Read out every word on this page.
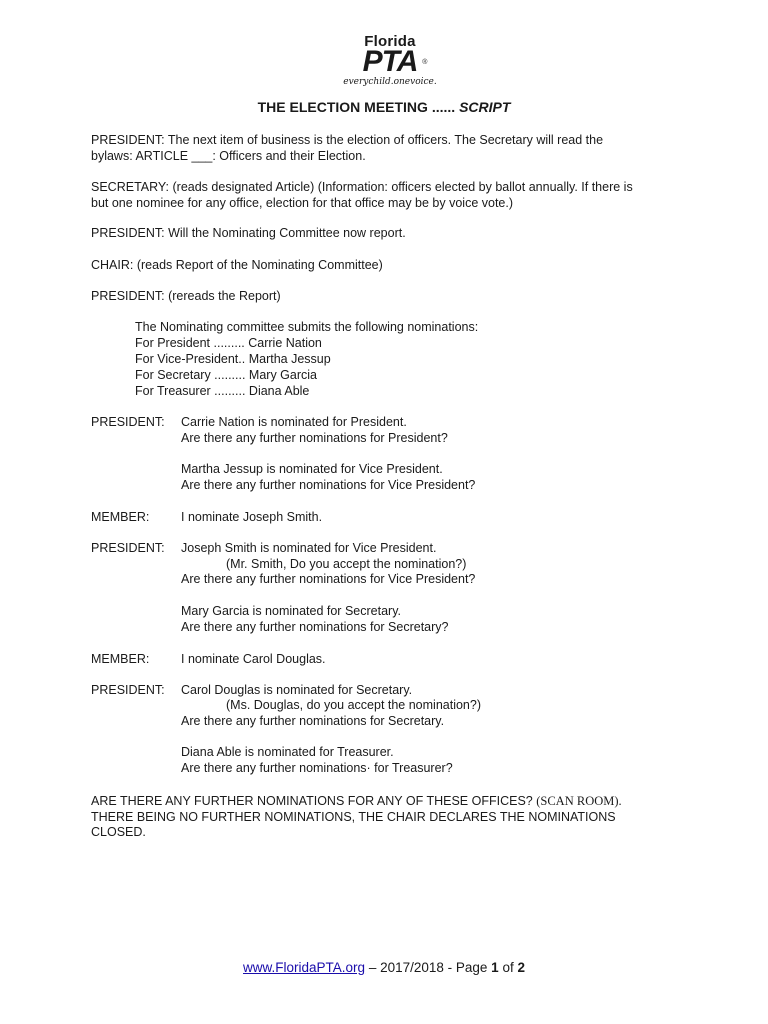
Florida
PTA ®
everychild.onevoice.
THE ELECTION MEETING ...... SCRIPT
PRESIDENT: The next item of business is the election of officers. The Secretary will read the
bylaws: ARTICLE ___: Officers and their Election.
SECRETARY: (reads designated Article) (Information: officers elected by ballot annually. If there is
but one nominee for any office, election for that office may be by voice vote.)
PRESIDENT: Will the Nominating Committee now report.
CHAIR: (reads Report of the Nominating Committee)
PRESIDENT: (rereads the Report)
The Nominating committee submits the following nominations:
For President ......... Carrie Nation
For Vice-President.. Martha Jessup
For Secretary ......... Mary Garcia
For Treasurer ......... Diana Able
PRESIDENT: Carrie Nation is nominated for President.
Are there any further nominations for President?
Martha Jessup is nominated for Vice President.
Are there any further nominations for Vice President?
MEMBER:	I nominate Joseph Smith.
PRESIDENT: Joseph Smith is nominated for Vice President.
(Mr. Smith, Do you accept the nomination?)
Are there any further nominations for Vice President?
Mary Garcia is nominated for Secretary.
Are there any further nominations for Secretary?
MEMBER:	I nominate Carol Douglas.
PRESIDENT: Carol Douglas is nominated for Secretary.
(Ms. Douglas, do you accept the nomination?)
Are there any further nominations for Secretary.
Diana Able is nominated for Treasurer.
Are there any further nominations· for Treasurer?
ARE THERE ANY FURTHER NOMINATIONS FOR ANY OF THESE OFFICES? (SCAN ROOM).
THERE BEING NO FURTHER NOMINATIONS, THE CHAIR DECLARES THE NOMINATIONS
CLOSED.
www.FloridaPTA.org – 2017/2018 - Page 1 of 2
